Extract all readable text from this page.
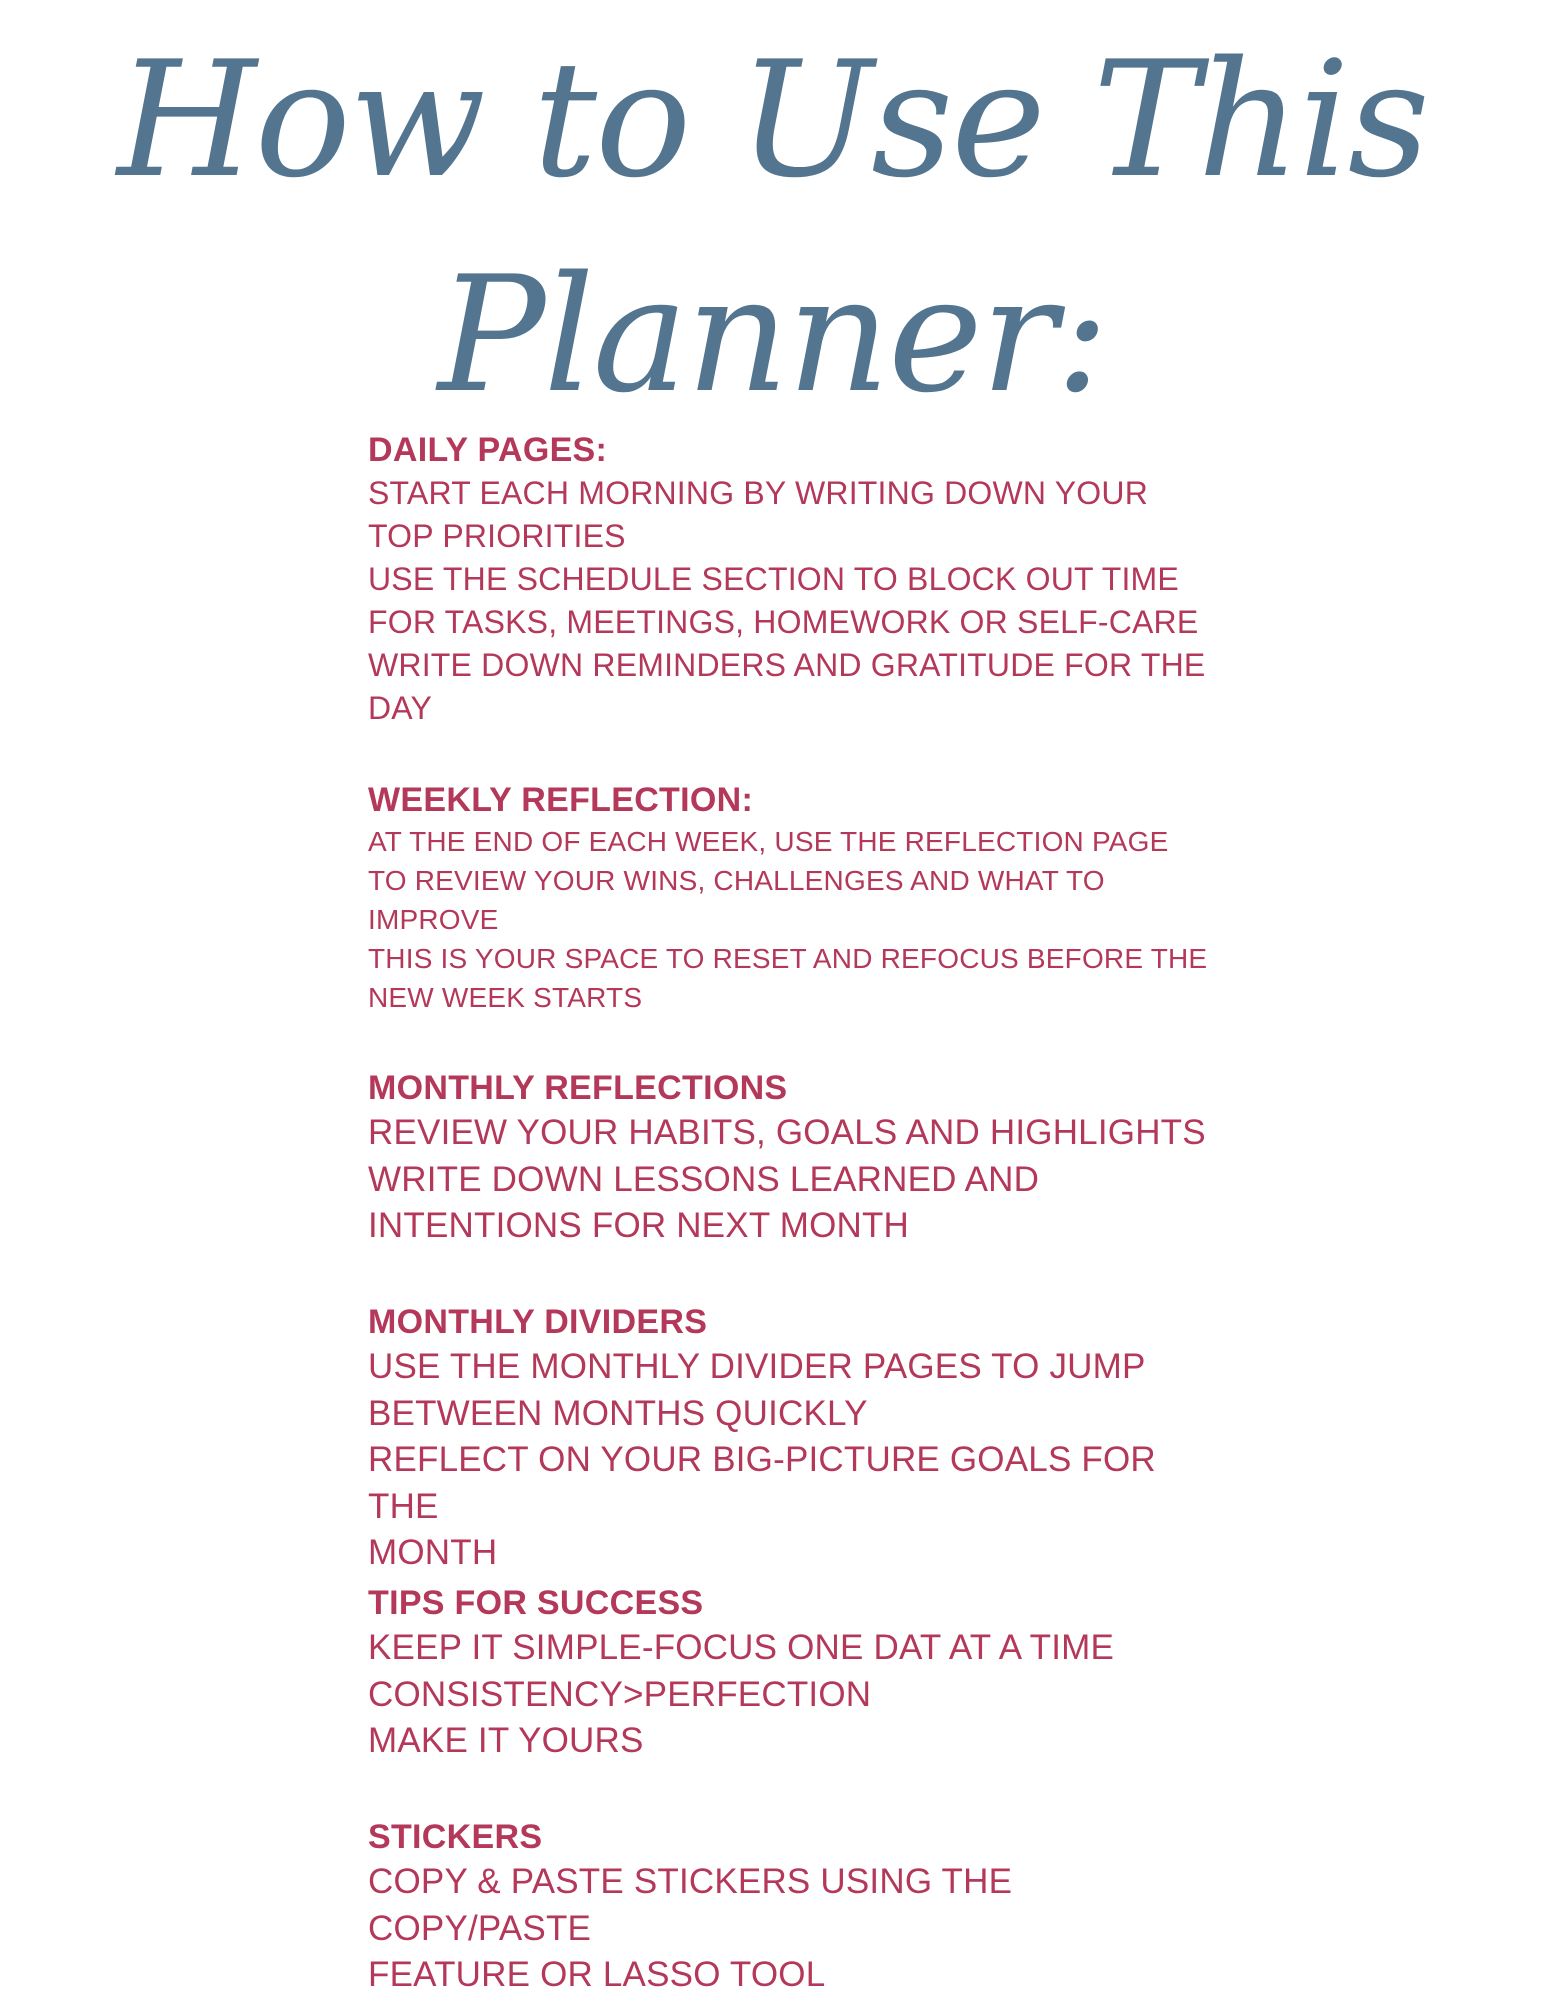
How to Use This
Planner:
DAILY PAGES:

START EACH MORNING BY WRITING DOWN YOUR

TOP PRIORITIES

USE THE SCHEDULE SECTION TO BLOCK OUT TIME

FOR TASKS, MEETINGS, HOMEWORK OR SELF-CARE

WRITE DOWN REMINDERS AND GRATITUDE FOR THE

DAY

WEEKLY REFLECTION:

AT THE END OF EACH WEEK, USE THE REFLECTION PAGE

TO REVIEW YOUR WINS, CHALLENGES AND WHAT TO

IMPROVE

THIS IS YOUR SPACE TO RESET AND REFOCUS BEFORE THE

NEW WEEK STARTS

MONTHLY REFLECTIONS

REVIEW YOUR HABITS, GOALS AND HIGHLIGHTS

WRITE DOWN LESSONS LEARNED AND

INTENTIONS FOR NEXT MONTH

MONTHLY DIVIDERS

USE THE MONTHLY DIVIDER PAGES TO JUMP

BETWEEN MONTHS QUICKLY

REFLECT ON YOUR BIG-PICTURE GOALS FOR THE

MONTH

TIPS FOR SUCCESS

KEEP IT SIMPLE-FOCUS ONE DAT AT A TIME

CONSISTENCY>PERFECTION

MAKE IT YOURS

STICKERS

COPY & PASTE STICKERS USING THE COPY/PASTE

FEATURE OR LASSO TOOL
